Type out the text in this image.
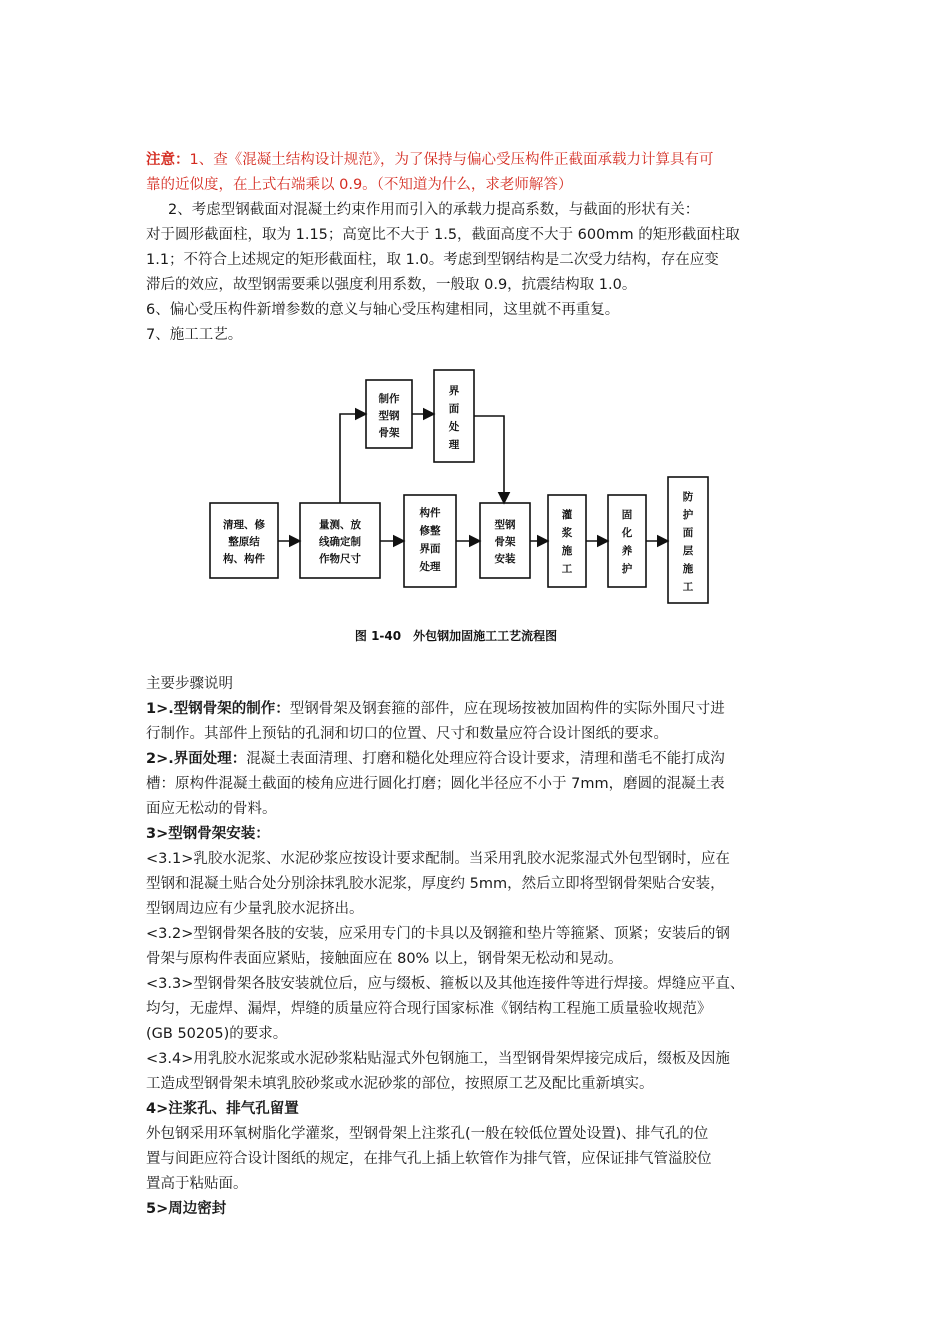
注意：1、查《混凝土结构设计规范》，为了保持与偏心受压构件正截面承载力计算具有可

靠的近似度，在上式右端乘以 0.9。（不知道为什么，求老师解答）

2、考虑型钢截面对混凝土约束作用而引入的承载力提高系数，与截面的形状有关：

对于圆形截面柱，取为 1.15；高宽比不大于 1.5，截面高度不大于 600mm 的矩形截面柱取

1.1；不符合上述规定的矩形截面柱，取 1.0。考虑到型钢结构是二次受力结构，存在应变

滞后的效应，故型钢需要乘以强度利用系数，一般取 0.9，抗震结构取 1.0。

6、偏心受压构件新增参数的意义与轴心受压构建相同，这里就不再重复。

7、施工工艺。

清理、修
整原结
构、构件
量测、放
线确定制
作物尺寸
制作
型钢
骨架
界
面
处
理
构件
修整
界面
处理
型钢
骨架
安装
灌
浆
施
工
固
化
养
护
防
护
面
层
施
工
图 1-40　外包钢加固施工工艺流程图

主要步骤说明

1>.型钢骨架的制作：型钢骨架及钢套箍的部件，应在现场按被加固构件的实际外围尺寸进

行制作。其部件上预钻的孔洞和切口的位置、尺寸和数量应符合设计图纸的要求。

2>.界面处理：混凝土表面清理、打磨和糙化处理应符合设计要求，清理和凿毛不能打成沟

槽：原构件混凝土截面的棱角应进行圆化打磨；圆化半径应不小于 7mm，磨圆的混凝土表

面应无松动的骨料。

3>型钢骨架安装：

<3.1>乳胶水泥浆、水泥砂浆应按设计要求配制。当采用乳胶水泥浆湿式外包型钢时，应在

型钢和混凝土贴合处分别涂抹乳胶水泥浆，厚度约 5mm，然后立即将型钢骨架贴合安装，

型钢周边应有少量乳胶水泥挤出。

<3.2>型钢骨架各肢的安装，应采用专门的卡具以及钢箍和垫片等箍紧、顶紧；安装后的钢

骨架与原构件表面应紧贴，接触面应在 80% 以上，钢骨架无松动和晃动。

<3.3>型钢骨架各肢安装就位后，应与缀板、箍板以及其他连接件等进行焊接。焊缝应平直、

均匀，无虚焊、漏焊，焊缝的质量应符合现行国家标准《钢结构工程施工质量验收规范》

(GB 50205)的要求。

<3.4>用乳胶水泥浆或水泥砂浆粘贴湿式外包钢施工，当型钢骨架焊接完成后，缀板及因施

工造成型钢骨架未填乳胶砂浆或水泥砂浆的部位，按照原工艺及配比重新填实。

4>注浆孔、排气孔留置

外包钢采用环氧树脂化学灌浆，型钢骨架上注浆孔(一般在较低位置处设置)、排气孔的位

置与间距应符合设计图纸的规定，在排气孔上插上软管作为排气管，应保证排气管溢胶位

置高于粘贴面。

5>周边密封
